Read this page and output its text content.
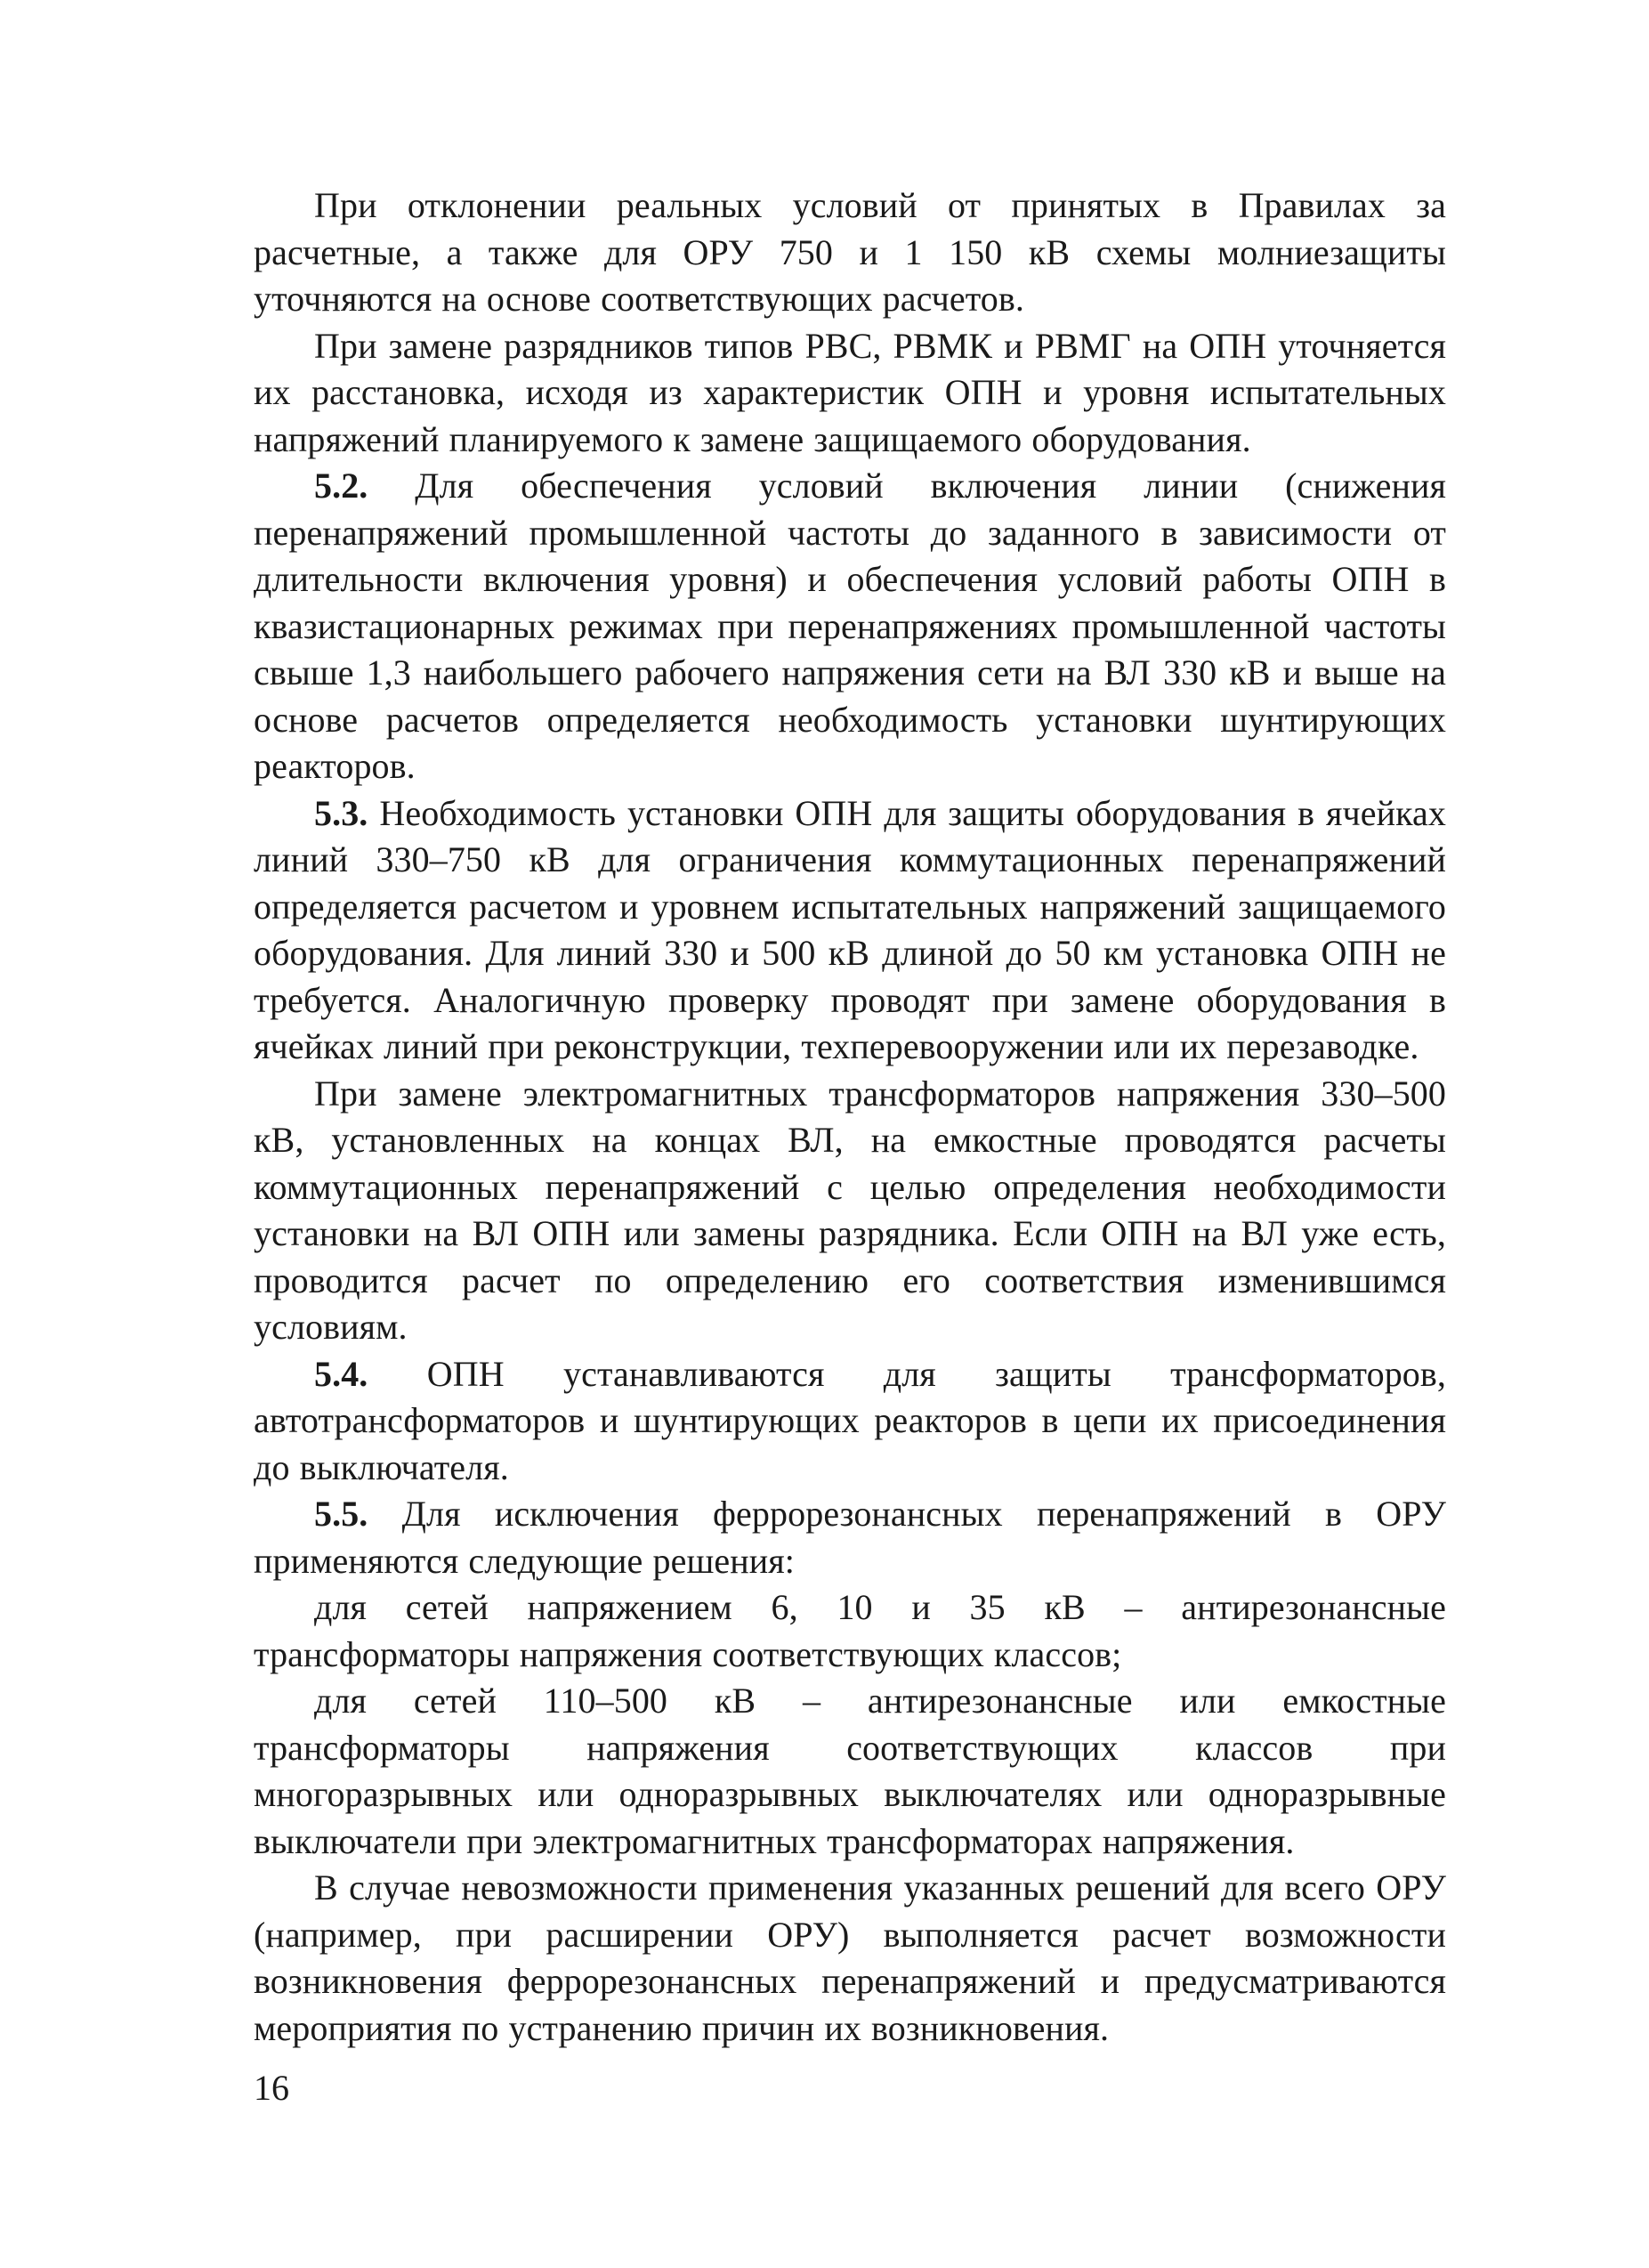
При отклонении реальных условий от принятых в Правилах за расчетные, а также для ОРУ 750 и 1 150 кВ схемы молниезащиты уточняются на основе соответствующих расчетов.

При замене разрядников типов РВС, РВМК и РВМГ на ОПН уточняется их расстановка, исходя из характеристик ОПН и уровня испытательных напряжений планируемого к замене защищаемого оборудования.

5.2. Для обеспечения условий включения линии (снижения перенапряжений промышленной частоты до заданного в зависимости от длительности включения уровня) и обеспечения условий работы ОПН в квазистационарных режимах при перенапряжениях промышленной частоты свыше 1,3 наибольшего рабочего напряжения сети на ВЛ 330 кВ и выше на основе расчетов определяется необходимость установки шунтирующих реакторов.

5.3. Необходимость установки ОПН для защиты оборудования в ячейках линий 330–750 кВ для ограничения коммутационных перенапряжений определяется расчетом и уровнем испытательных напряжений защищаемого оборудования. Для линий 330 и 500 кВ длиной до 50 км установка ОПН не требуется. Аналогичную проверку проводят при замене оборудования в ячейках линий при реконструкции, техперевооружении или их перезаводке.

При замене электромагнитных трансформаторов напряжения 330–500 кВ, установленных на концах ВЛ, на емкостные проводятся расчеты коммутационных перенапряжений с целью определения необходимости установки на ВЛ ОПН или замены разрядника. Если ОПН на ВЛ уже есть, проводится расчет по определению его соответствия изменившимся условиям.

5.4. ОПН устанавливаются для защиты трансформаторов, автотрансформаторов и шунтирующих реакторов в цепи их присоединения до выключателя.

5.5. Для исключения феррорезонансных перенапряжений в ОРУ применяются следующие решения:

для сетей напряжением 6, 10 и 35 кВ – антирезонансные трансформаторы напряжения соответствующих классов;

для сетей 110–500 кВ – антирезонансные или емкостные трансформаторы напряжения соответствующих классов при многоразрывных или одноразрывных выключателях или одноразрывные выключатели при электромагнитных трансформаторах напряжения.

В случае невозможности применения указанных решений для всего ОРУ (например, при расширении ОРУ) выполняется расчет возможности возникновения феррорезонансных перенапряжений и предусматриваются мероприятия по устранению причин их возникновения.

16
